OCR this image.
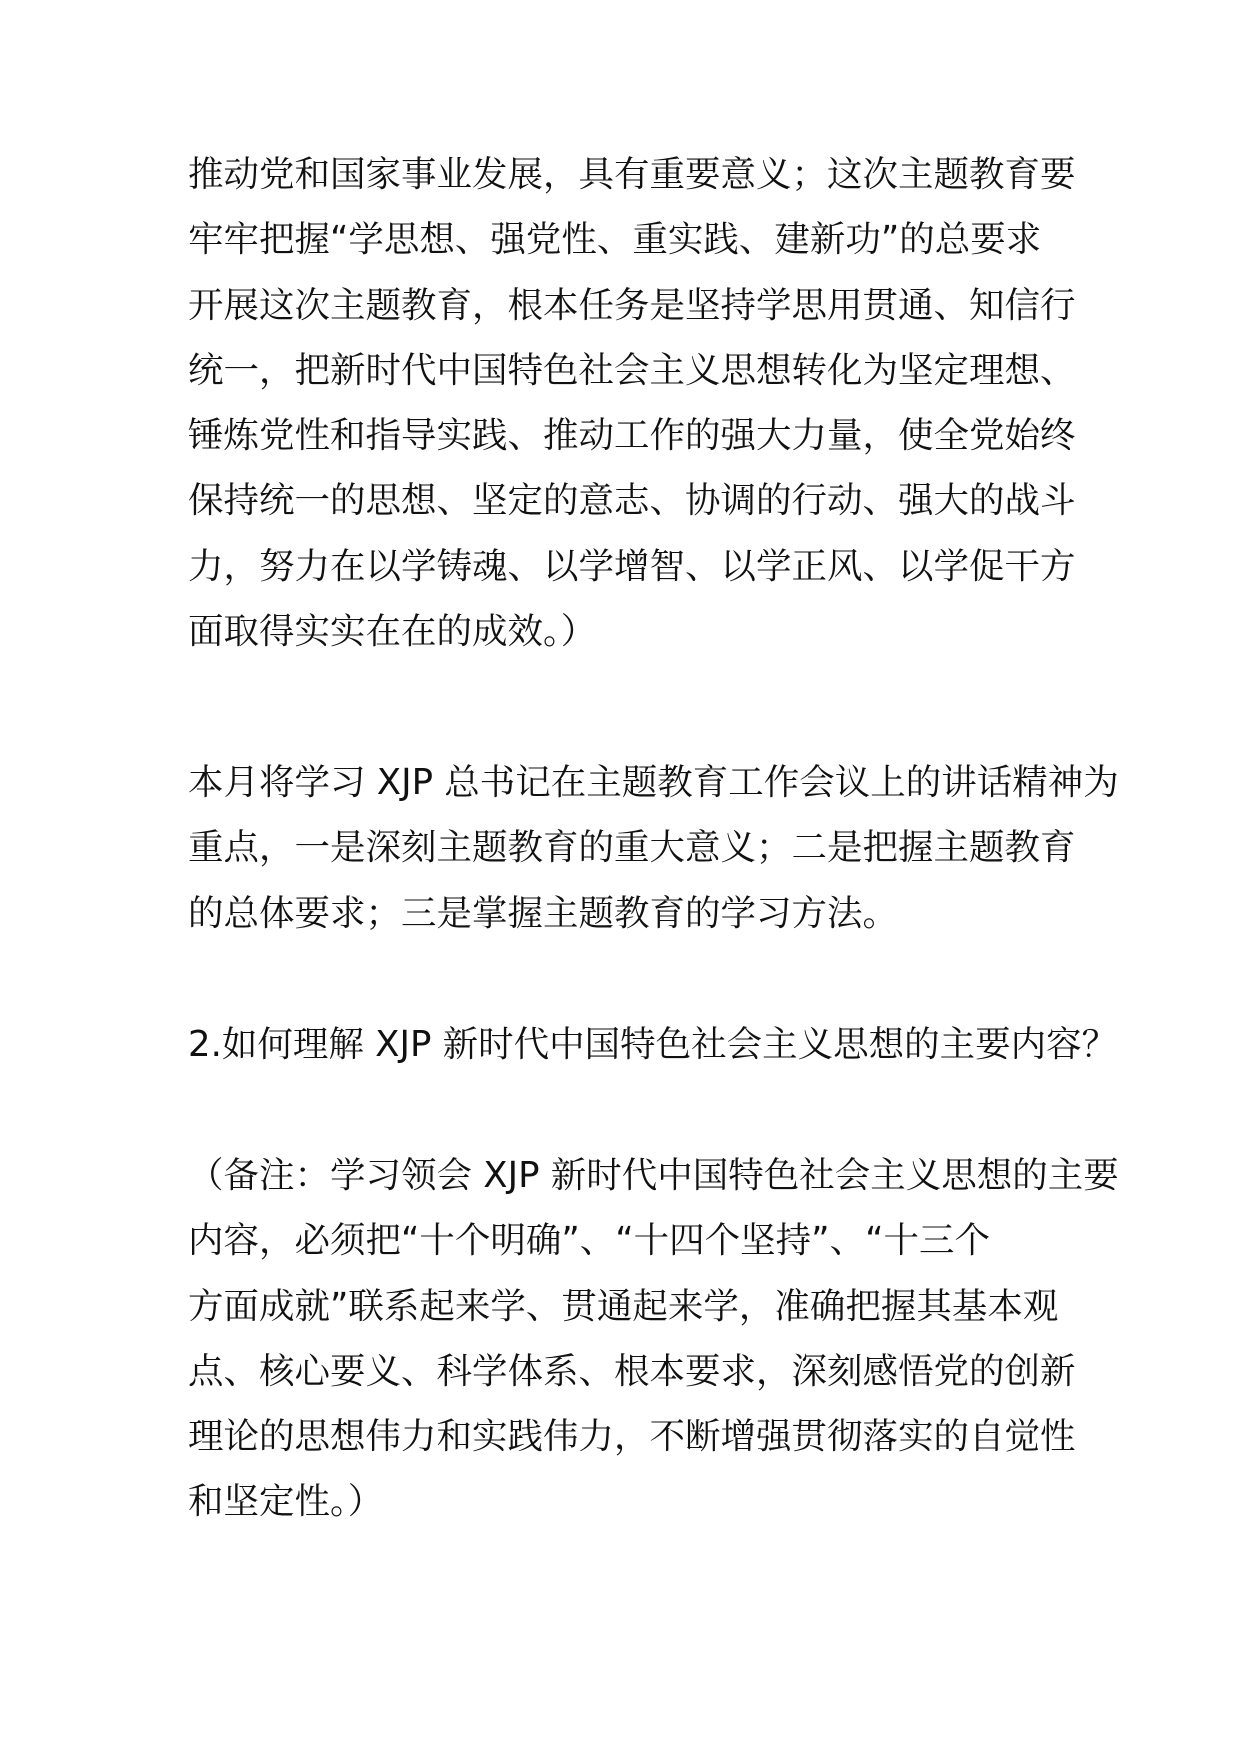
推动党和国家事业发展，具有重要意义；这次主题教育要
牢牢把握“学思想、强党性、重实践、建新功”的总要求
开展这次主题教育，根本任务是坚持学思用贯通、知信行
统一，把新时代中国特色社会主义思想转化为坚定理想、
锤炼党性和指导实践、推动工作的强大力量，使全党始终
保持统一的思想、坚定的意志、协调的行动、强大的战斗
力，努力在以学铸魂、以学增智、以学正风、以学促干方
面取得实实在在的成效。）
本月将学习 XJP 总书记在主题教育工作会议上的讲话精神为
重点，一是深刻主题教育的重大意义；二是把握主题教育
的总体要求；三是掌握主题教育的学习方法。
2.如何理解 XJP 新时代中国特色社会主义思想的主要内容？
（备注：学习领会 XJP 新时代中国特色社会主义思想的主要
内容，必须把“十个明确”、“十四个坚持”、“十三个
方面成就”联系起来学、贯通起来学，准确把握其基本观
点、核心要义、科学体系、根本要求，深刻感悟党的创新
理论的思想伟力和实践伟力，不断增强贯彻落实的自觉性
和坚定性。）
